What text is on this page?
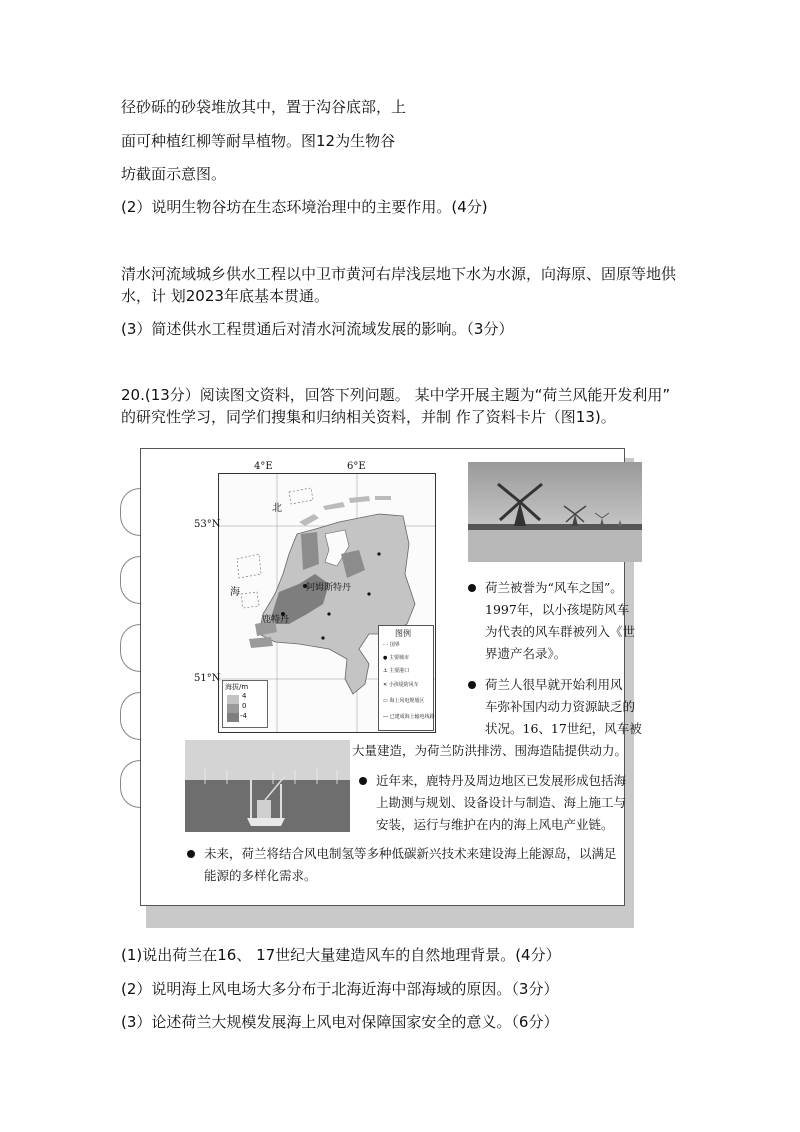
径砂砾的砂袋堆放其中，置于沟谷底部，上
面可种植红柳等耐旱植物。图12为生物谷
坊截面示意图。
(2）说明生物谷坊在生态环境治理中的主要作用。(4分)
清水河流域城乡供水工程以中卫市黄河右岸浅层地下水为水源，向海原、固原等地供
水，计 划2023年底基本贯通。
(3）简述供水工程贯通后对清水河流域发展的影响。（3分）
20.(13分）阅读图文资料，回答下列问题。 某中学开展主题为“荷兰风能开发利用”
的研究性学习，同学们搜集和归纳相关资料，并制 作了资料卡片（图13)。
4°E	6°E
53°N
51°N
北
海	阿姆斯特丹
鹿特丹
海拔/m
4
0
-4
图例
- - 国界
● 主要城市
⚓ 主要港口
✕ 小孩堤防风车
▭ 海上风电规划区
― 已建成海上输电线路
荷兰被誉为“风车之国”。
1997年，以小孩堤防风车
为代表的风车群被列入《世
界遗产名录》。
荷兰人很早就开始利用风
车弥补国内动力资源缺乏的
状况。16、17世纪，风车被
大量建造，为荷兰防洪排涝、围海造陆提供动力。
近年来，鹿特丹及周边地区已发展形成包括海
上勘测与规划、设备设计与制造、海上施工与
安装，运行与维护在内的海上风电产业链。
未来，荷兰将结合风电制氢等多种低碳新兴技术来建设海上能源岛，以满足
能源的多样化需求。
(1)说出荷兰在16、 17世纪大量建造风车的自然地理背景。(4分）
(2）说明海上风电场大多分布于北海近海中部海域的原因。（3分）
(3）论述荷兰大规模发展海上风电对保障国家安全的意义。（6分）
